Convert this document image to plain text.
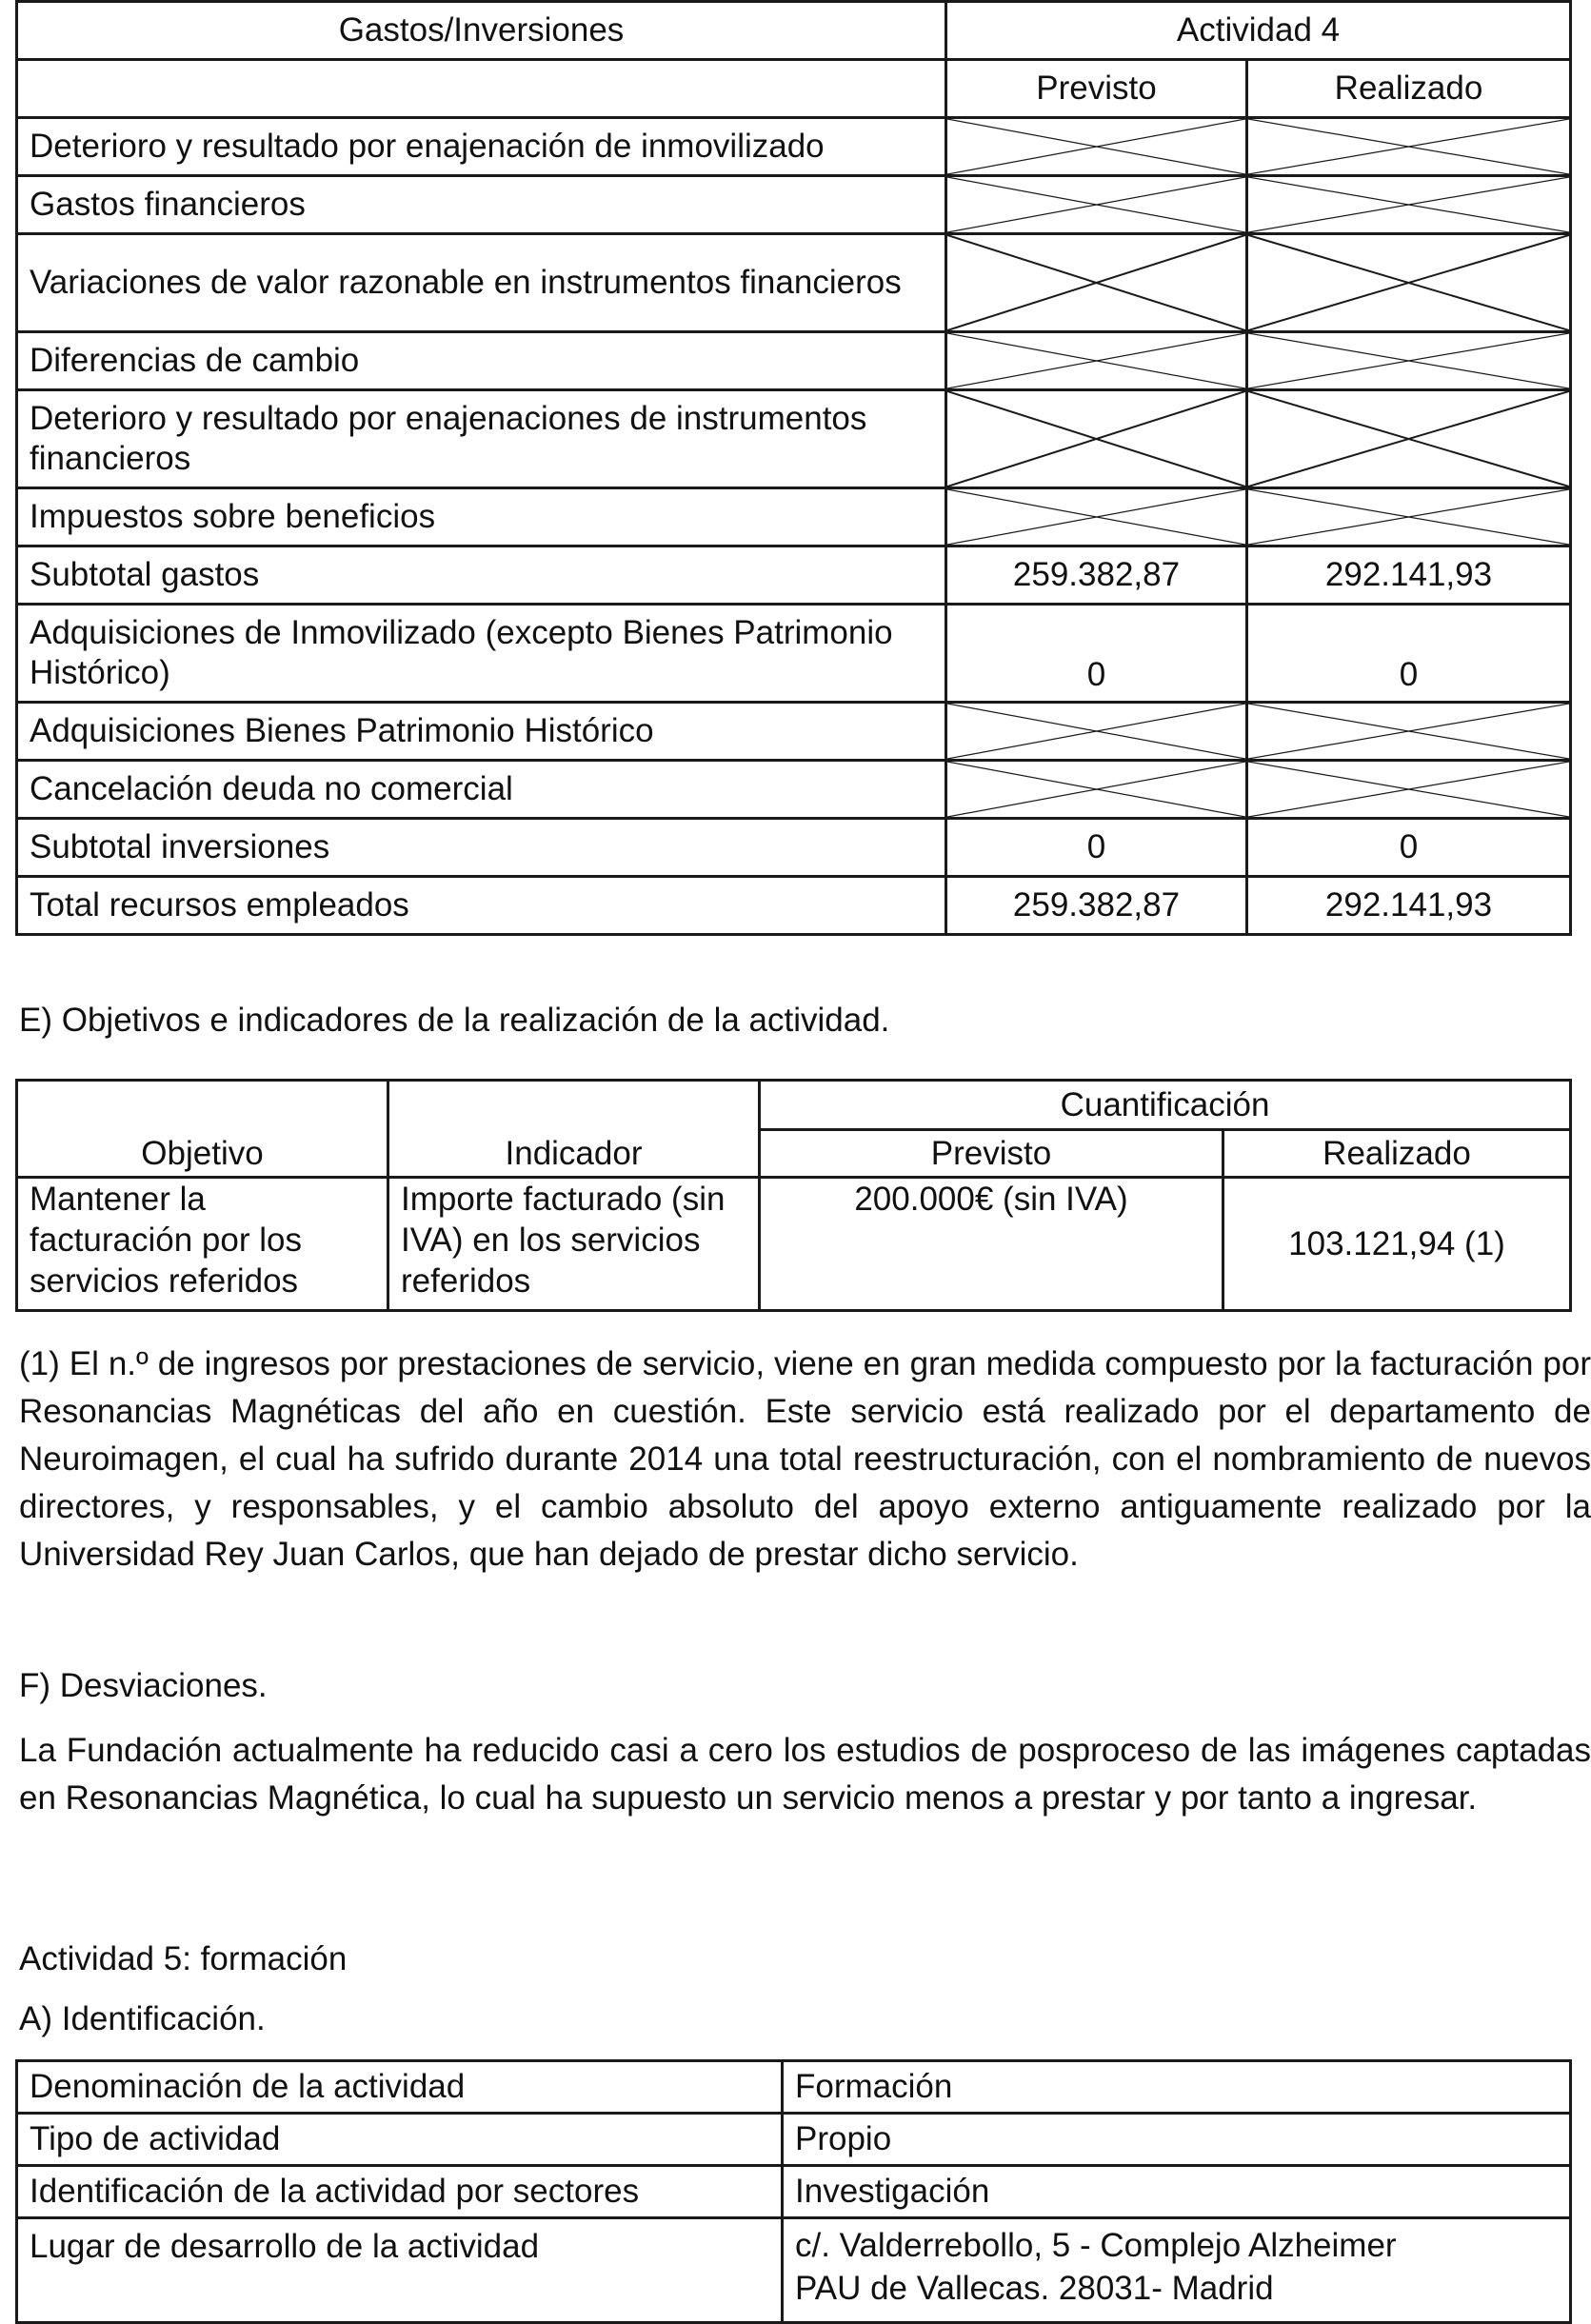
Gastos/Inversiones	Actividad 4	
	Previsto	Realizado
Deterioro y resultado por enajenación de inmovilizado	

Gastos financieros	

Variaciones de valor razonable en instrumentos financieros	

Diferencias de cambio	

Deterioro y resultado por enajenaciones de instrumentos financieros	

Impuestos sobre beneficios	

Subtotal gastos	259.382,87	292.141,93
Adquisiciones de Inmovilizado (excepto Bienes Patrimonio Histórico)	0	0
Adquisiciones Bienes Patrimonio Histórico	

Cancelación deuda no comercial	

Subtotal inversiones	0	0
Total recursos empleados	259.382,87	292.141,93

E) Objetivos e indicadores de la realización de la actividad.

Objetivo	Indicador	Cuantificación	
		Previsto	Realizado
Mantener la facturación por los servicios referidos	Importe facturado (sin IVA) en los servicios referidos	200.000€ (sin IVA)	103.121,94 (1)

(1) El n.º de ingresos por prestaciones de servicio, viene en gran medida compuesto por la facturación por Resonancias Magnéticas del año en cuestión. Este servicio está realizado por el departamento de Neuroimagen, el cual ha sufrido durante 2014 una total reestructuración, con el nombramiento de nuevos directores, y responsables, y el cambio absoluto del apoyo externo antiguamente realizado por la Universidad Rey Juan Carlos, que han dejado de prestar dicho servicio.

F) Desviaciones.

La Fundación actualmente ha reducido casi a cero los estudios de posproceso de las imágenes captadas en Resonancias Magnética, lo cual ha supuesto un servicio menos a prestar y por tanto a ingresar.

Actividad 5: formación

A) Identificación.

Denominación de la actividad	Formación
Tipo de actividad	Propio
Identificación de la actividad por sectores	Investigación
Lugar de desarrollo de la actividad	c/. Valderrebollo, 5 - Complejo Alzheimer
PAU de Vallecas. 28031- Madrid
